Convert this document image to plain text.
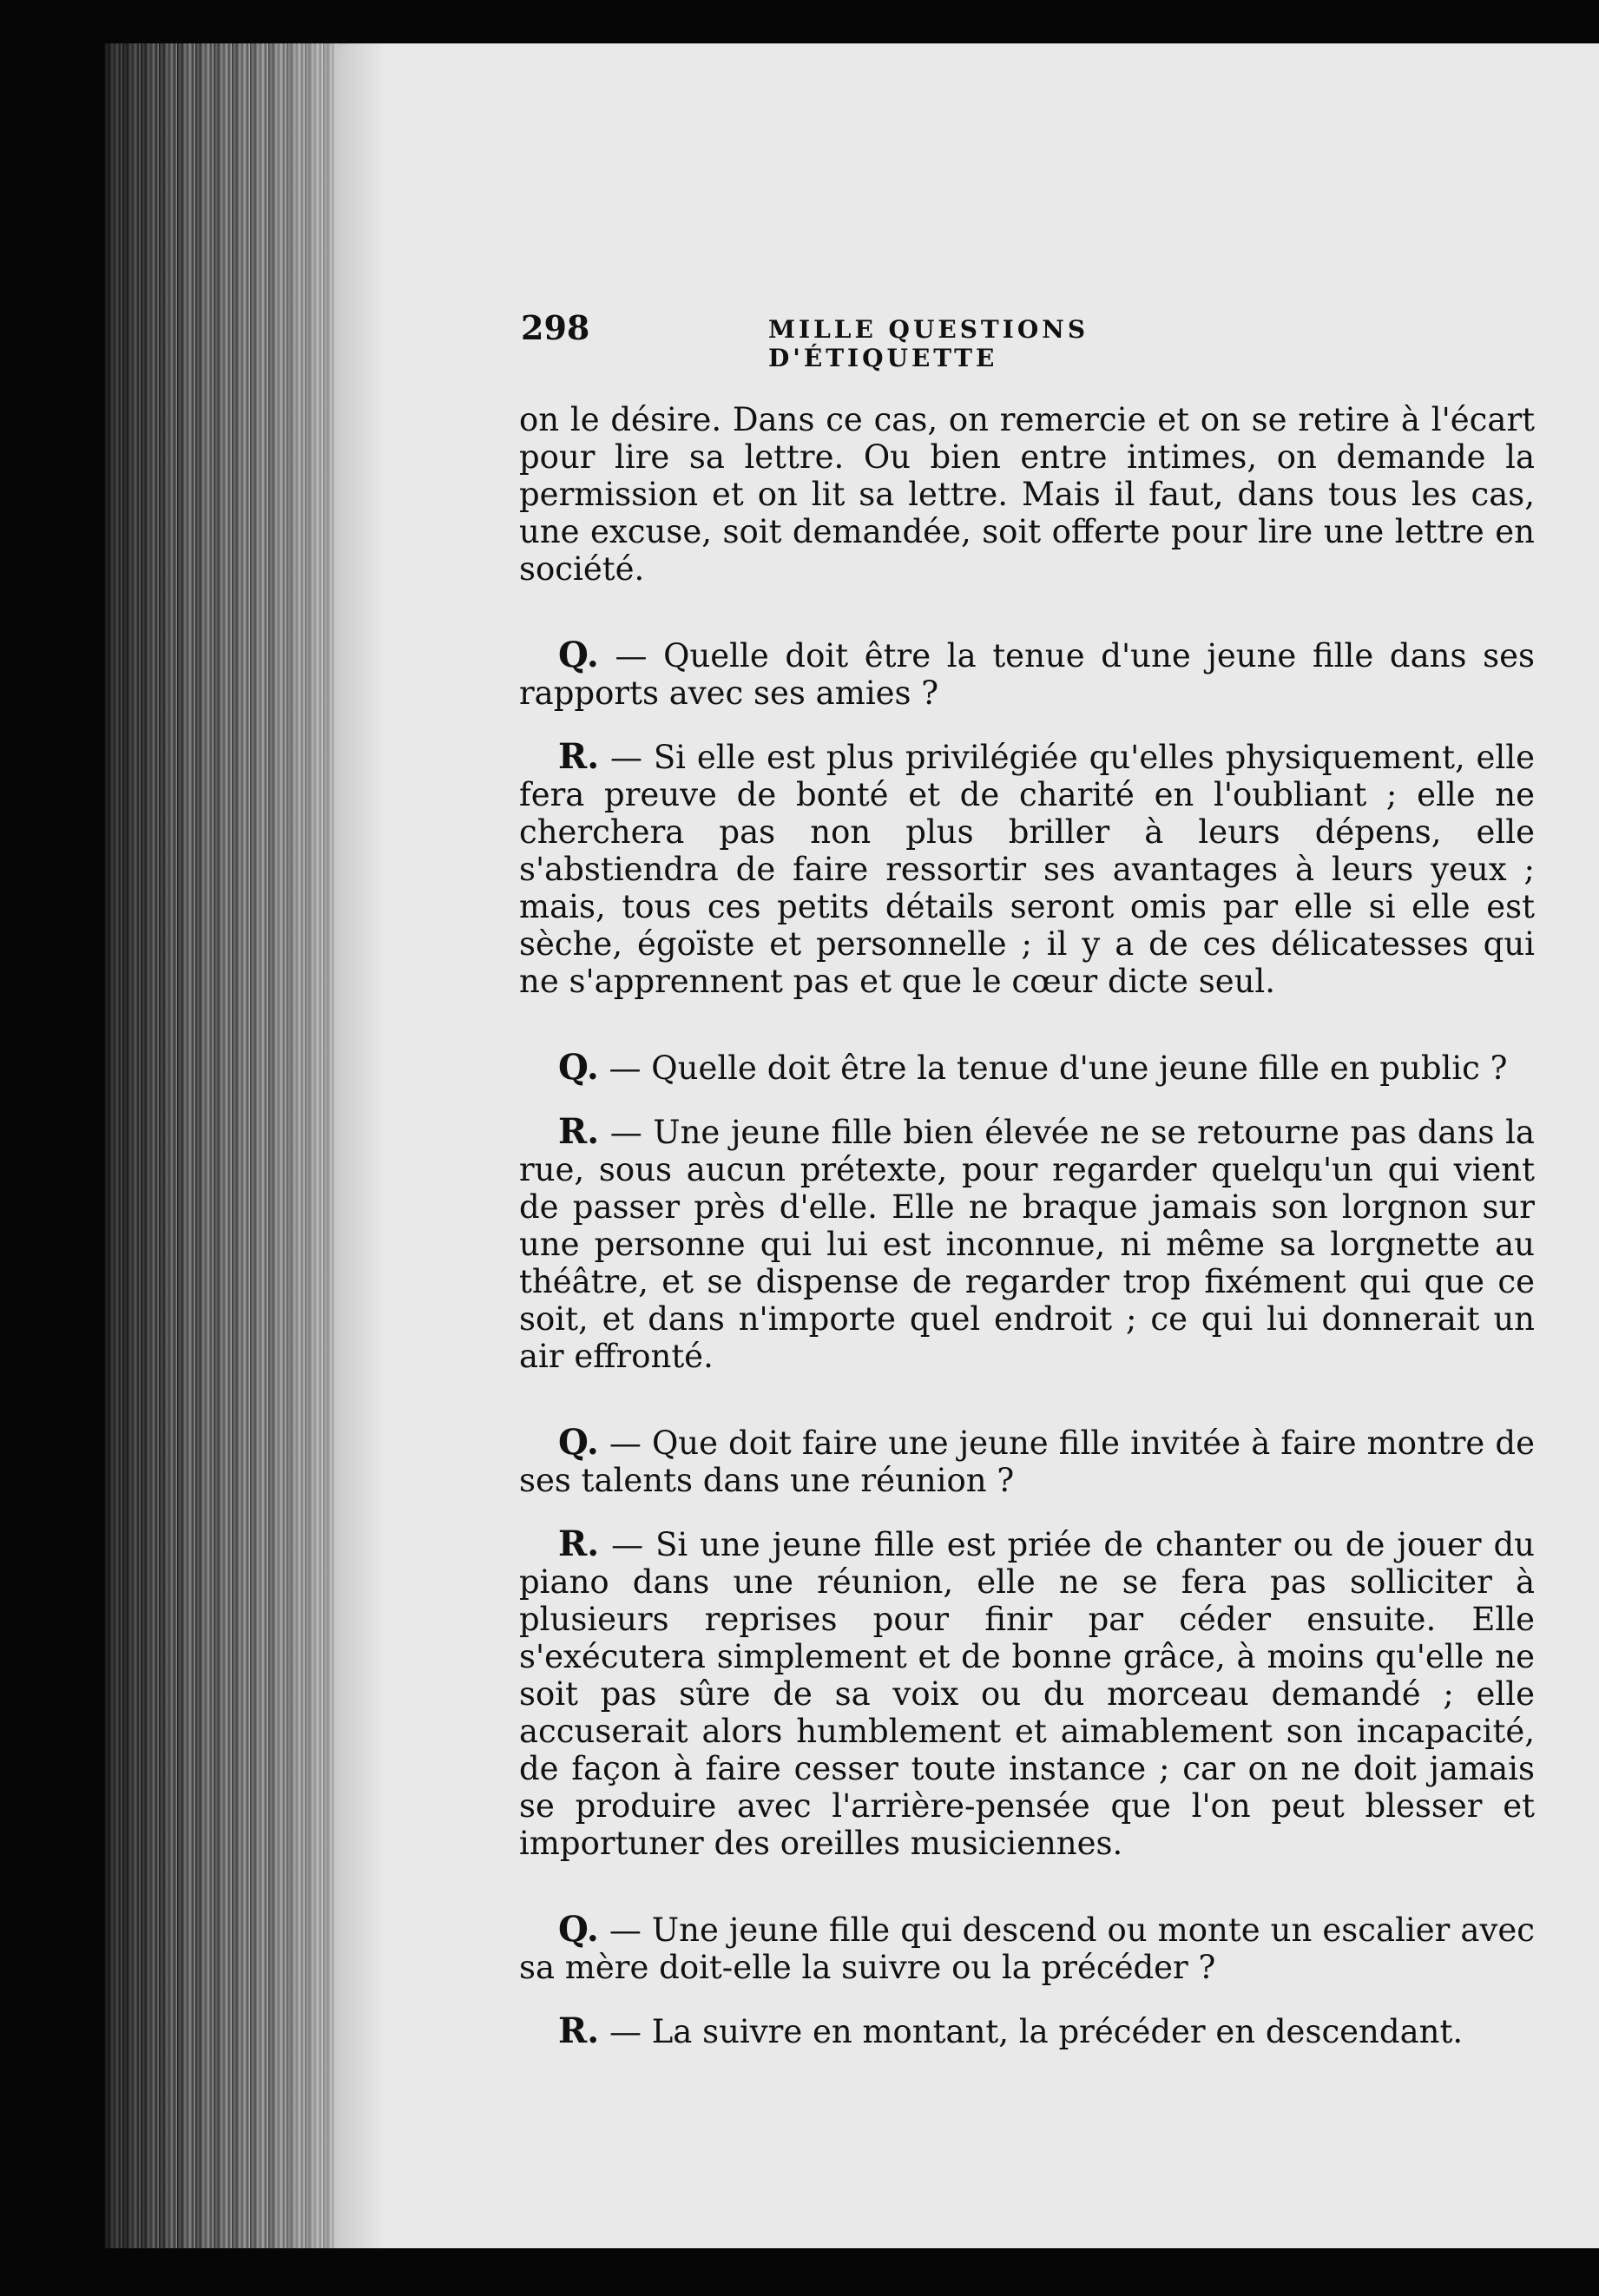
298	MILLE QUESTIONS D'ÉTIQUETTE

on le désire. Dans ce cas, on remercie et on se retire à l'écart pour lire sa lettre. Ou bien entre intimes, on demande la permission et on lit sa lettre. Mais il faut, dans tous les cas, une excuse, soit demandée, soit offerte pour lire une lettre en société.

Q. — Quelle doit être la tenue d'une jeune fille dans ses rapports avec ses amies ?

R. — Si elle est plus privilégiée qu'elles physiquement, elle fera preuve de bonté et de charité en l'oubliant ; elle ne cherchera pas non plus briller à leurs dépens, elle s'abstiendra de faire ressortir ses avantages à leurs yeux ; mais, tous ces petits détails seront omis par elle si elle est sèche, égoïste et personnelle ; il y a de ces délicatesses qui ne s'apprennent pas et que le cœur dicte seul.

Q. — Quelle doit être la tenue d'une jeune fille en public ?

R. — Une jeune fille bien élevée ne se retourne pas dans la rue, sous aucun prétexte, pour regarder quelqu'un qui vient de passer près d'elle. Elle ne braque jamais son lorgnon sur une personne qui lui est inconnue, ni même sa lorgnette au théâtre, et se dispense de regarder trop fixément qui que ce soit, et dans n'importe quel endroit ; ce qui lui donnerait un air effronté.

Q. — Que doit faire une jeune fille invitée à faire montre de ses talents dans une réunion ?

R. — Si une jeune fille est priée de chanter ou de jouer du piano dans une réunion, elle ne se fera pas solliciter à plusieurs reprises pour finir par céder ensuite. Elle s'exécutera simplement et de bonne grâce, à moins qu'elle ne soit pas sûre de sa voix ou du morceau demandé ; elle accuserait alors humblement et aimablement son incapacité, de façon à faire cesser toute instance ; car on ne doit jamais se produire avec l'arrière-pensée que l'on peut blesser et importuner des oreilles musiciennes.

Q. — Une jeune fille qui descend ou monte un escalier avec sa mère doit-elle la suivre ou la précéder ?

R. — La suivre en montant, la précéder en descendant.
